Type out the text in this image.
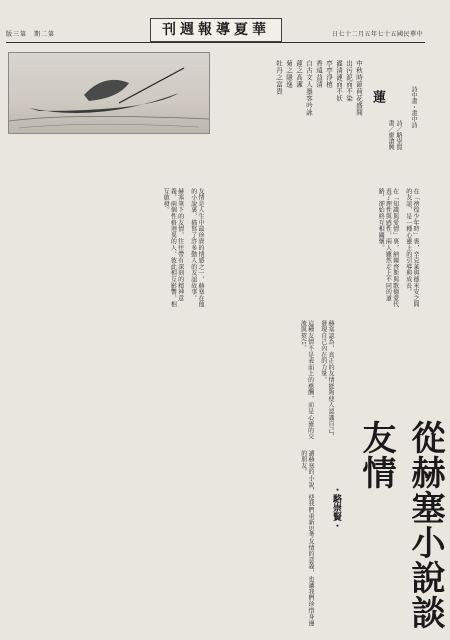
版三第　 期二第	刊週報導夏華	日七十二月五年七十五國民華中
詩中畫・畫中詩
蓮
詩／駱崇賢
畫／廖滄興
中秋時節荷花盛開
出污泥而不染
濯清漣而不妖
亭亭淨植
香遠益清
自古文人墨客吟詠
蓮之高潔
菊之隱逸
牡丹之富貴
從赫塞小說談友情
・駱崇賢・

友情是人生中最珍貴的情感之一，赫塞在他的小說裏，描寫了許多動人的友誼故事。

赫塞筆下的友情，往往帶有深刻的精神意義，兩個性格迥異的人，彼此相互影響，相互啟發。	在「徬徨少年時」裏，辛克萊與德米安之間的友誼，是一種心靈上的引導與成長。

在「知識與愛情」裏，納爾齊斯與歌德蒙代表了理性與感性，兩人雖然走上不同的道路，卻始終互相關懷。

赫塞認為，真正的友情能夠使人認識自己，發現自己內在的力量。

這種友情不是表面上的應酬，而是心靈的交流與契合。

讀赫塞的小說，使我們重新思考友情的意義，也讓我們珍惜身邊的朋友。
